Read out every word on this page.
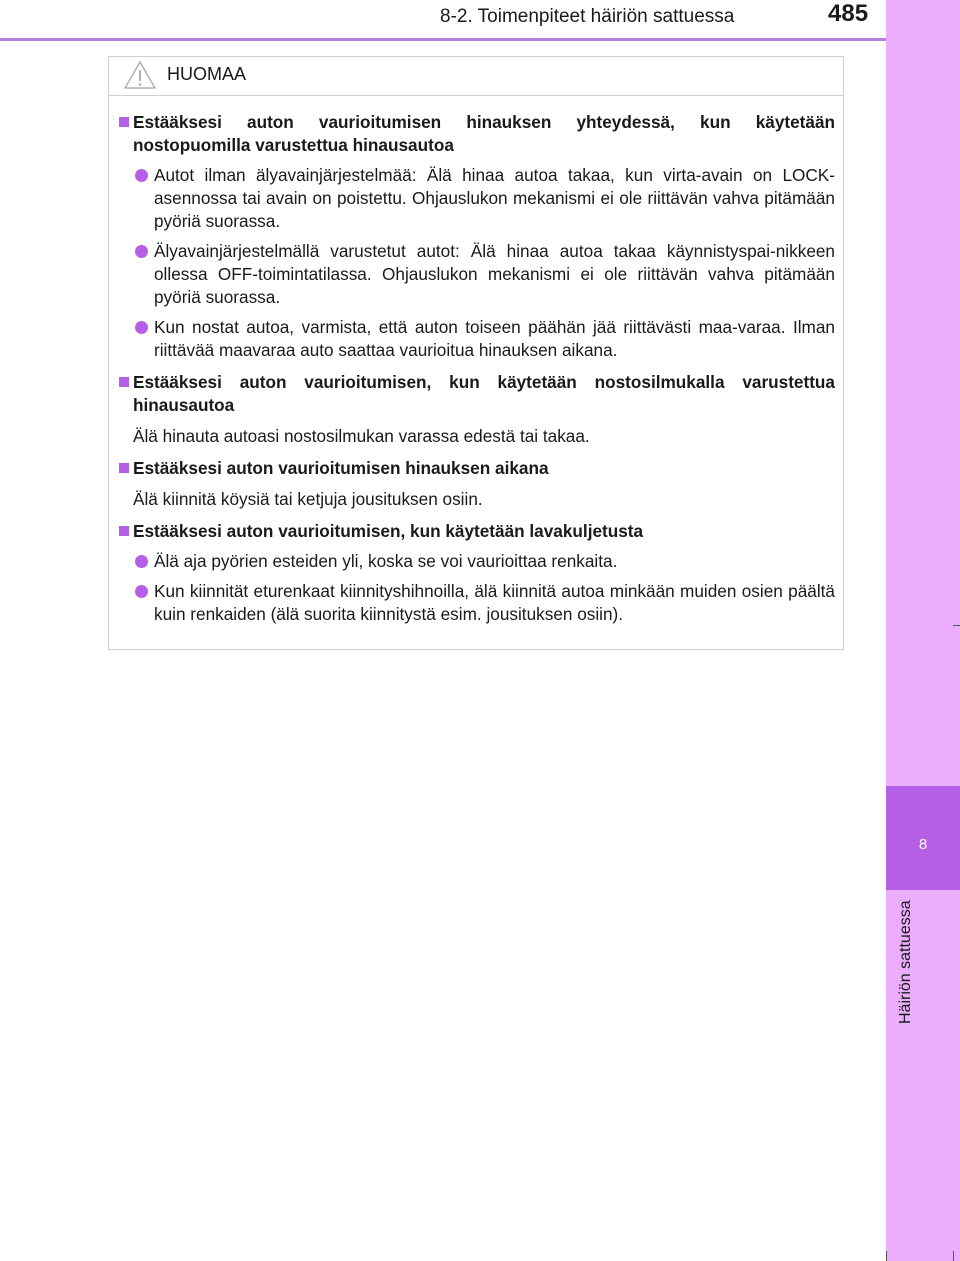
8-2. Toimenpiteet häiriön sattuessa	485
8
Häiriön sattuessa
HUOMAA
Estääksesi auton vaurioitumisen hinauksen yhteydessä, kun käytetään nostopuomilla varustettua hinausautoa
Autot ilman älyavainjärjestelmää: Älä hinaa autoa takaa, kun virta-avain on LOCK-asennossa tai avain on poistettu. Ohjauslukon mekanismi ei ole riittävän vahva pitämään pyöriä suorassa.
Älyavainjärjestelmällä varustetut autot: Älä hinaa autoa takaa käynnistyspai-nikkeen ollessa OFF-toimintatilassa. Ohjauslukon mekanismi ei ole riittävän vahva pitämään pyöriä suorassa.
Kun nostat autoa, varmista, että auton toiseen päähän jää riittävästi maa-varaa. Ilman riittävää maavaraa auto saattaa vaurioitua hinauksen aikana.
Estääksesi auton vaurioitumisen, kun käytetään nostosilmukalla varustettua hinausautoa
Älä hinauta autoasi nostosilmukan varassa edestä tai takaa.
Estääksesi auton vaurioitumisen hinauksen aikana
Älä kiinnitä köysiä tai ketjuja jousituksen osiin.
Estääksesi auton vaurioitumisen, kun käytetään lavakuljetusta
Älä aja pyörien esteiden yli, koska se voi vaurioittaa renkaita.
Kun kiinnität eturenkaat kiinnityshihnoilla, älä kiinnitä autoa minkään muiden osien päältä kuin renkaiden (älä suorita kiinnitystä esim. jousituksen osiin).
